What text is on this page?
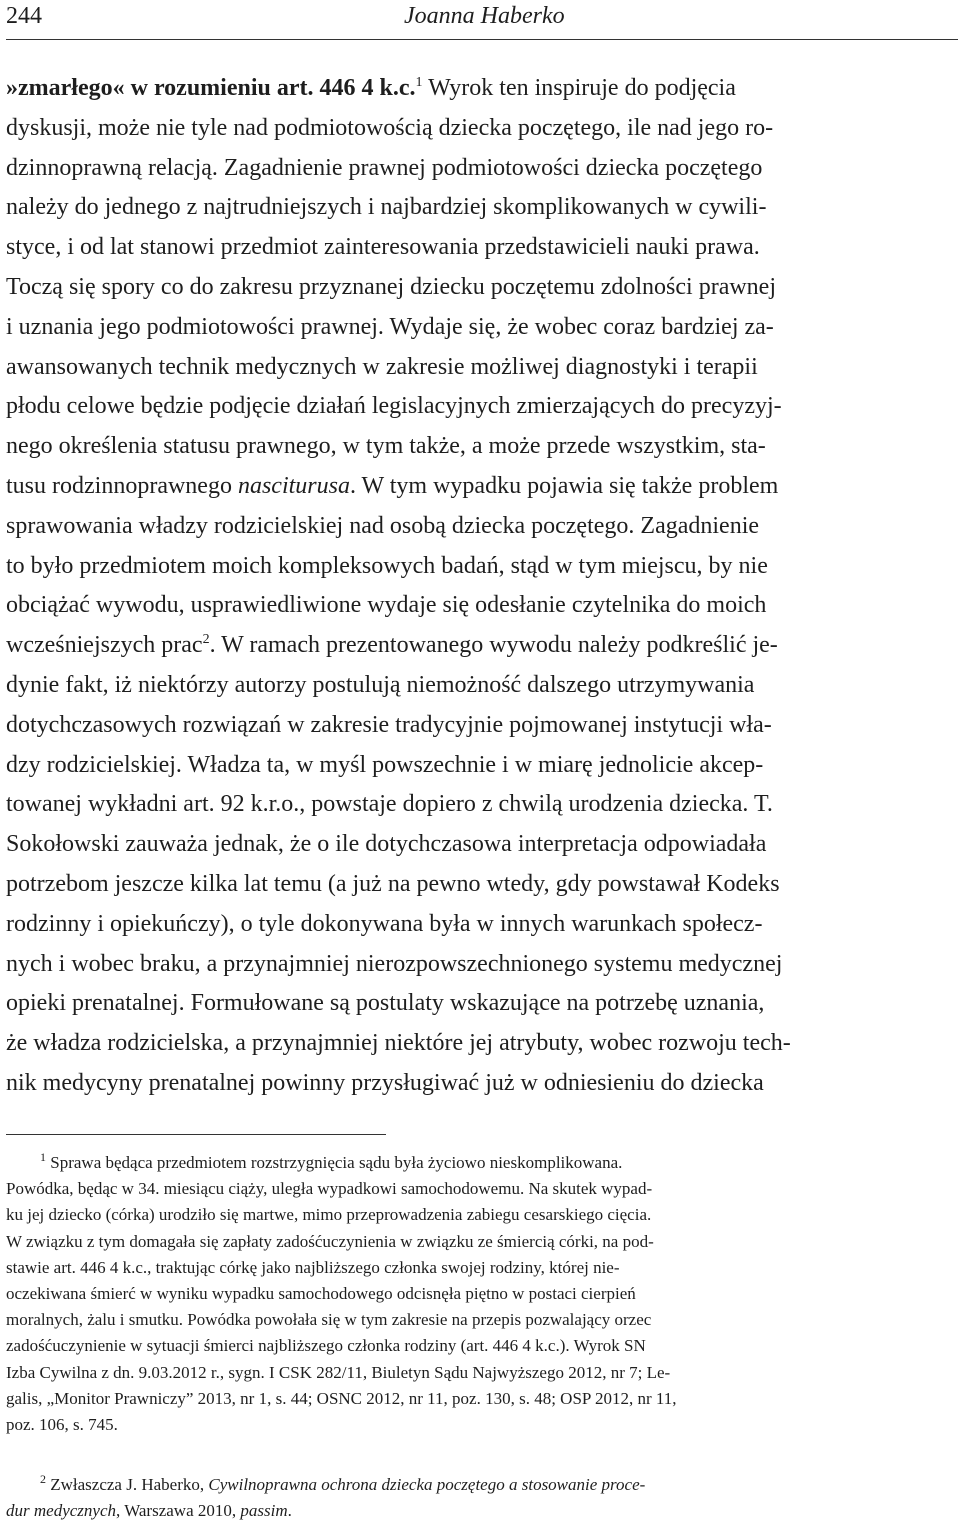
244	Joanna Haberko
»zmarłego« w rozumieniu art. 446 4 k.c.$^1$ Wyrok ten inspiruje do podjęcia
dyskusji, może nie tyle nad podmiotowością dziecka poczętego, ile nad jego ro-
dzinnoprawną relacją. Zagadnienie prawnej podmiotowości dziecka poczętego
należy do jednego z najtrudniejszych i najbardziej skomplikowanych w cywili-
styce, i od lat stanowi przedmiot zainteresowania przedstawicieli nauki prawa.
Toczą się spory co do zakresu przyznanej dziecku poczętemu zdolności prawnej
i uznania jego podmiotowości prawnej. Wydaje się, że wobec coraz bardziej za-
awansowanych technik medycznych w zakresie możliwej diagnostyki i terapii
płodu celowe będzie podjęcie działań legislacyjnych zmierzających do precyzyj-
nego określenia statusu prawnego, w tym także, a może przede wszystkim, sta-
tusu rodzinnoprawnego nasciturusa. W tym wypadku pojawia się także problem
sprawowania władzy rodzicielskiej nad osobą dziecka poczętego. Zagadnienie
to było przedmiotem moich kompleksowych badań, stąd w tym miejscu, by nie
obciążać wywodu, usprawiedliwione wydaje się odesłanie czytelnika do moich
wcześniejszych prac$^2$. W ramach prezentowanego wywodu należy podkreślić je-
dynie fakt, iż niektórzy autorzy postulują niemożność dalszego utrzymywania
dotychczasowych rozwiązań w zakresie tradycyjnie pojmowanej instytucji wła-
dzy rodzicielskiej. Władza ta, w myśl powszechnie i w miarę jednolicie akcep-
towanej wykładni art. 92 k.r.o., powstaje dopiero z chwilą urodzenia dziecka. T.
Sokołowski zauważa jednak, że o ile dotychczasowa interpretacja odpowiadała
potrzebom jeszcze kilka lat temu (a już na pewno wtedy, gdy powstawał Kodeks
rodzinny i opiekuńczy), o tyle dokonywana była w innych warunkach społecz-
nych i wobec braku, a przynajmniej nierozpowszechnionego systemu medycznej
opieki prenatalnej. Formułowane są postulaty wskazujące na potrzebę uznania,
że władza rodzicielska, a przynajmniej niektóre jej atrybuty, wobec rozwoju tech-
nik medycyny prenatalnej powinny przysługiwać już w odniesieniu do dziecka
$^1$ Sprawa będąca przedmiotem rozstrzygnięcia sądu była życiowo nieskomplikowana.
Powódka, będąc w 34. miesiącu ciąży, uległa wypadkowi samochodowemu. Na skutek wypad-
ku jej dziecko (córka) urodziło się martwe, mimo przeprowadzenia zabiegu cesarskiego cięcia.
W związku z tym domagała się zapłaty zadośćuczynienia w związku ze śmiercią córki, na pod-
stawie art. 446 4 k.c., traktując córkę jako najbliższego członka swojej rodziny, której nie-
oczekiwana śmierć w wyniku wypadku samochodowego odcisnęła piętno w postaci cierpień
moralnych, żalu i smutku. Powódka powołała się w tym zakresie na przepis pozwalający orzec
zadośćuczynienie w sytuacji śmierci najbliższego członka rodziny (art. 446 4 k.c.). Wyrok SN
Izba Cywilna z dn. 9.03.2012 r., sygn. I CSK 282/11, Biuletyn Sądu Najwyższego 2012, nr 7; Le-
galis, „Monitor Prawniczy” 2013, nr 1, s. 44; OSNC 2012, nr 11, poz. 130, s. 48; OSP 2012, nr 11,
poz. 106, s. 745.
$^2$ Zwłaszcza J. Haberko, Cywilnoprawna ochrona dziecka poczętego a stosowanie proce-
dur medycznych, Warszawa 2010, passim.
